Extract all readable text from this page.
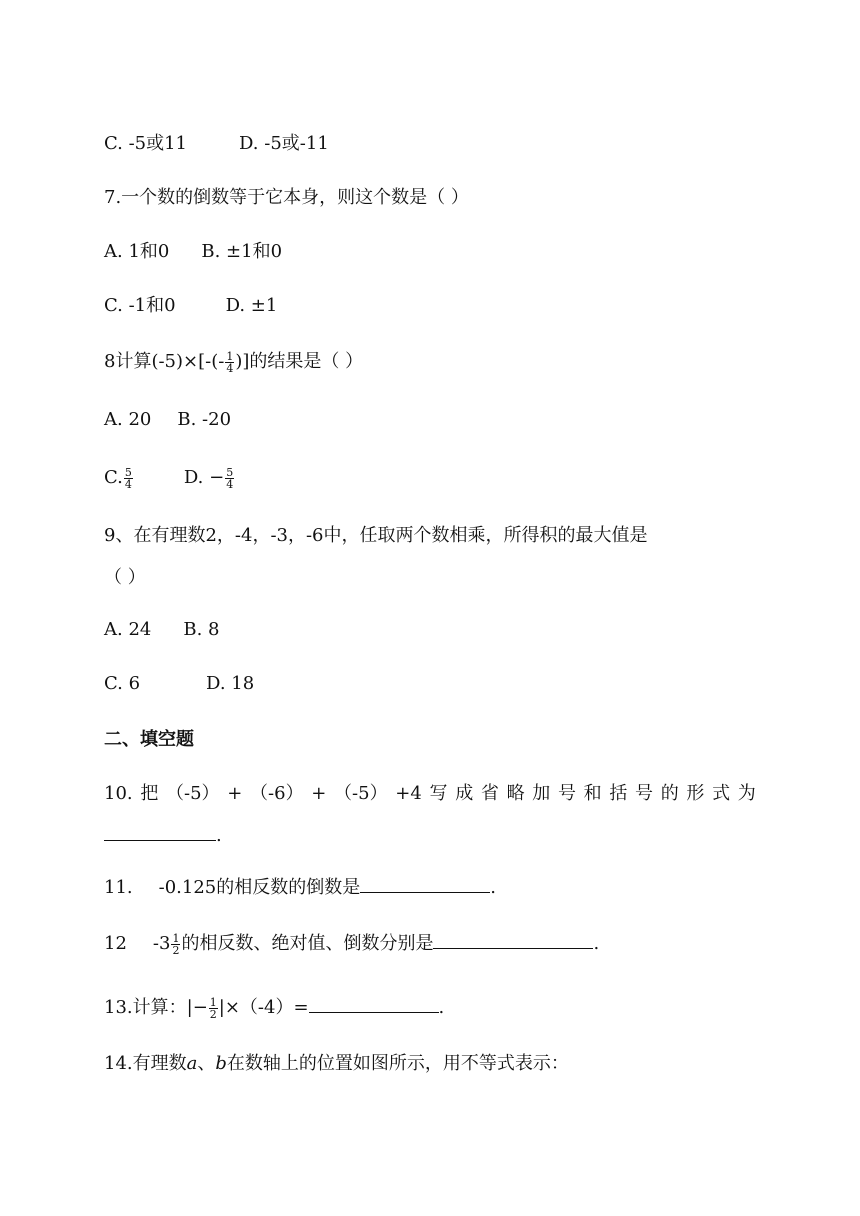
C. -5或11	D. -5或-11
7.一个数的倒数等于它本身，则这个数是（ ）
A. 1和0 B. ±1和0
C. -1和0	D. ±1
8计算$(-5)\times[-(- \frac{1}{4}$ )]的结果是（ ）
A. 20 B. -20
C. $\frac{5}{4}$	D. − $\frac{5}{4}$
9、在有理数2，-4，-3，-6中，任取两个数相乘，所得积的最大值是
（ ）
A. 24 B. 8
C. 6	D. 18
二、填空题
10. 把 （-5） + （-6） + （-5） +4 写 成 省 略 加 号 和 括 号 的 形 式 为
.
11. -0.125的相反数的倒数是	.
12 $-3 \frac{1}{2}$ 的相反数、绝对值、倒数分别是	.
13.计算：|− $\frac{1}{2} |\times(-4)=$	.
14.有理数a、b在数轴上的位置如图所示，用不等式表示：
